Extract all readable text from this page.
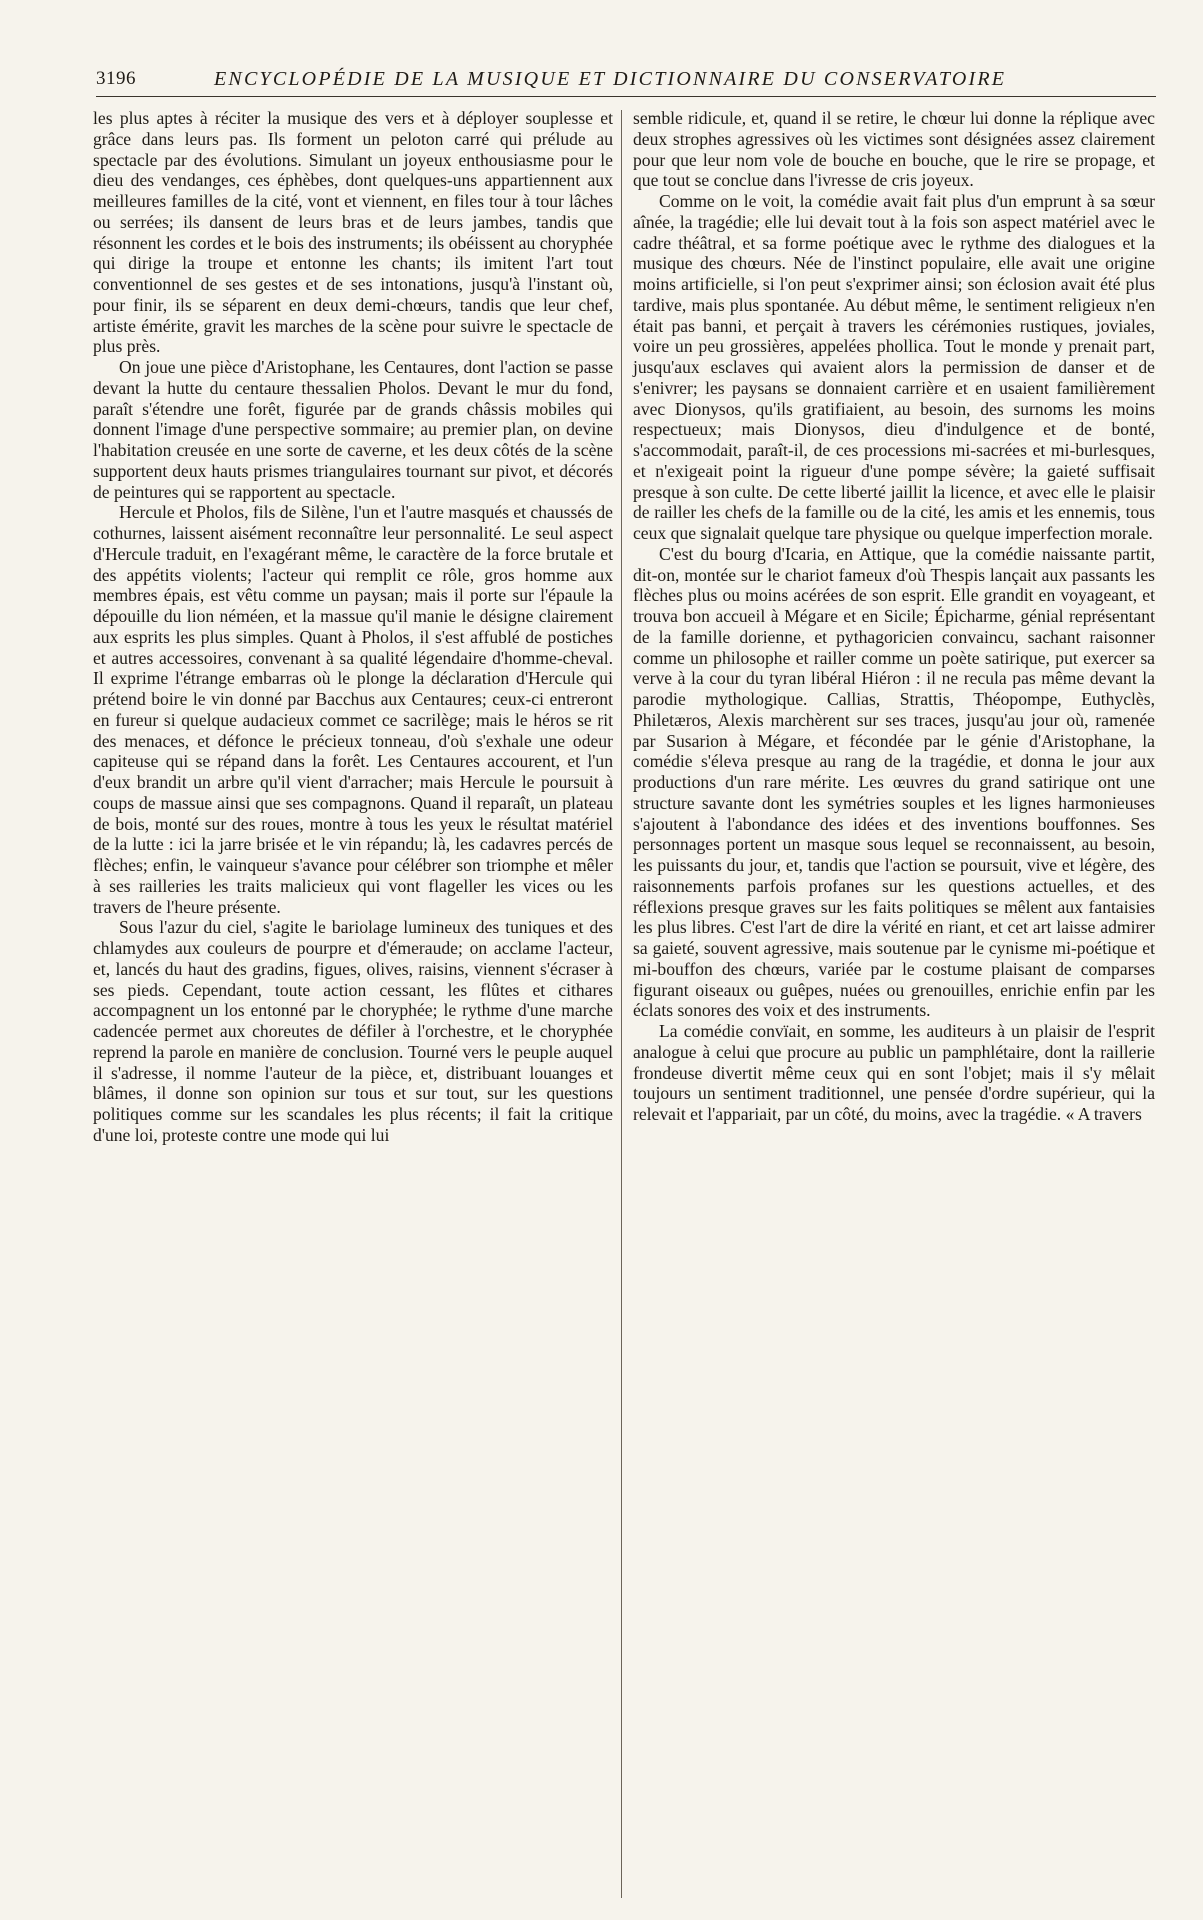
3196	ENCYCLOPÉDIE DE LA MUSIQUE ET DICTIONNAIRE DU CONSERVATOIRE

les plus aptes à réciter la musique des vers et à déployer souplesse et grâce dans leurs pas. Ils forment un peloton carré qui prélude au spectacle par des évolutions. Simulant un joyeux enthousiasme pour le dieu des vendanges, ces éphèbes, dont quelques-uns appartiennent aux meilleures familles de la cité, vont et viennent, en files tour à tour lâches ou serrées; ils dansent de leurs bras et de leurs jambes, tandis que résonnent les cordes et le bois des instruments; ils obéissent au choryphée qui dirige la troupe et entonne les chants; ils imitent l'art tout conventionnel de ses gestes et de ses intonations, jusqu'à l'instant où, pour finir, ils se séparent en deux demi-chœurs, tandis que leur chef, artiste émérite, gravit les marches de la scène pour suivre le spectacle de plus près.

On joue une pièce d'Aristophane, les Centaures, dont l'action se passe devant la hutte du centaure thessalien Pholos. Devant le mur du fond, paraît s'étendre une forêt, figurée par de grands châssis mobiles qui donnent l'image d'une perspective sommaire; au premier plan, on devine l'habitation creusée en une sorte de caverne, et les deux côtés de la scène supportent deux hauts prismes triangulaires tournant sur pivot, et décorés de peintures qui se rapportent au spectacle.

Hercule et Pholos, fils de Silène, l'un et l'autre masqués et chaussés de cothurnes, laissent aisément reconnaître leur personnalité. Le seul aspect d'Hercule traduit, en l'exagérant même, le caractère de la force brutale et des appétits violents; l'acteur qui remplit ce rôle, gros homme aux membres épais, est vêtu comme un paysan; mais il porte sur l'épaule la dépouille du lion néméen, et la massue qu'il manie le désigne clairement aux esprits les plus simples. Quant à Pholos, il s'est affublé de postiches et autres accessoires, convenant à sa qualité légendaire d'homme-cheval. Il exprime l'étrange embarras où le plonge la déclaration d'Hercule qui prétend boire le vin donné par Bacchus aux Centaures; ceux-ci entreront en fureur si quelque audacieux commet ce sacrilège; mais le héros se rit des menaces, et défonce le précieux tonneau, d'où s'exhale une odeur capiteuse qui se répand dans la forêt. Les Centaures accourent, et l'un d'eux brandit un arbre qu'il vient d'arracher; mais Hercule le poursuit à coups de massue ainsi que ses compagnons. Quand il reparaît, un plateau de bois, monté sur des roues, montre à tous les yeux le résultat matériel de la lutte : ici la jarre brisée et le vin répandu; là, les cadavres percés de flèches; enfin, le vainqueur s'avance pour célébrer son triomphe et mêler à ses railleries les traits malicieux qui vont flageller les vices ou les travers de l'heure présente.

Sous l'azur du ciel, s'agite le bariolage lumineux des tuniques et des chlamydes aux couleurs de pourpre et d'émeraude; on acclame l'acteur, et, lancés du haut des gradins, figues, olives, raisins, viennent s'écraser à ses pieds. Cependant, toute action cessant, les flûtes et cithares accompagnent un los entonné par le choryphée; le rythme d'une marche cadencée permet aux choreutes de défiler à l'orchestre, et le choryphée reprend la parole en manière de conclusion. Tourné vers le peuple auquel il s'adresse, il nomme l'auteur de la pièce, et, distribuant louanges et blâmes, il donne son opinion sur tous et sur tout, sur les questions politiques comme sur les scandales les plus récents; il fait la critique d'une loi, proteste contre une mode qui lui

semble ridicule, et, quand il se retire, le chœur lui donne la réplique avec deux strophes agressives où les victimes sont désignées assez clairement pour que leur nom vole de bouche en bouche, que le rire se propage, et que tout se conclue dans l'ivresse de cris joyeux.

Comme on le voit, la comédie avait fait plus d'un emprunt à sa sœur aînée, la tragédie; elle lui devait tout à la fois son aspect matériel avec le cadre théâtral, et sa forme poétique avec le rythme des dialogues et la musique des chœurs. Née de l'instinct populaire, elle avait une origine moins artificielle, si l'on peut s'exprimer ainsi; son éclosion avait été plus tardive, mais plus spontanée. Au début même, le sentiment religieux n'en était pas banni, et perçait à travers les cérémonies rustiques, joviales, voire un peu grossières, appelées phollica. Tout le monde y prenait part, jusqu'aux esclaves qui avaient alors la permission de danser et de s'enivrer; les paysans se donnaient carrière et en usaient familièrement avec Dionysos, qu'ils gratifiaient, au besoin, des surnoms les moins respectueux; mais Dionysos, dieu d'indulgence et de bonté, s'accommodait, paraît-il, de ces processions mi-sacrées et mi-burlesques, et n'exigeait point la rigueur d'une pompe sévère; la gaieté suffisait presque à son culte. De cette liberté jaillit la licence, et avec elle le plaisir de railler les chefs de la famille ou de la cité, les amis et les ennemis, tous ceux que signalait quelque tare physique ou quelque imperfection morale.

C'est du bourg d'Icaria, en Attique, que la comédie naissante partit, dit-on, montée sur le chariot fameux d'où Thespis lançait aux passants les flèches plus ou moins acérées de son esprit. Elle grandit en voyageant, et trouva bon accueil à Mégare et en Sicile; Épicharme, génial représentant de la famille dorienne, et pythagoricien convaincu, sachant raisonner comme un philosophe et railler comme un poète satirique, put exercer sa verve à la cour du tyran libéral Hiéron : il ne recula pas même devant la parodie mythologique. Callias, Strattis, Théopompe, Euthyclès, Philetæros, Alexis marchèrent sur ses traces, jusqu'au jour où, ramenée par Susarion à Mégare, et fécondée par le génie d'Aristophane, la comédie s'éleva presque au rang de la tragédie, et donna le jour aux productions d'un rare mérite. Les œuvres du grand satirique ont une structure savante dont les symétries souples et les lignes harmonieuses s'ajoutent à l'abondance des idées et des inventions bouffonnes. Ses personnages portent un masque sous lequel se reconnaissent, au besoin, les puissants du jour, et, tandis que l'action se poursuit, vive et légère, des raisonnements parfois profanes sur les questions actuelles, et des réflexions presque graves sur les faits politiques se mêlent aux fantaisies les plus libres. C'est l'art de dire la vérité en riant, et cet art laisse admirer sa gaieté, souvent agressive, mais soutenue par le cynisme mi-poétique et mi-bouffon des chœurs, variée par le costume plaisant de comparses figurant oiseaux ou guêpes, nuées ou grenouilles, enrichie enfin par les éclats sonores des voix et des instruments.

La comédie convïait, en somme, les auditeurs à un plaisir de l'esprit analogue à celui que procure au public un pamphlétaire, dont la raillerie frondeuse divertit même ceux qui en sont l'objet; mais il s'y mêlait toujours un sentiment traditionnel, une pensée d'ordre supérieur, qui la relevait et l'appariait, par un côté, du moins, avec la tragédie. « A travers
